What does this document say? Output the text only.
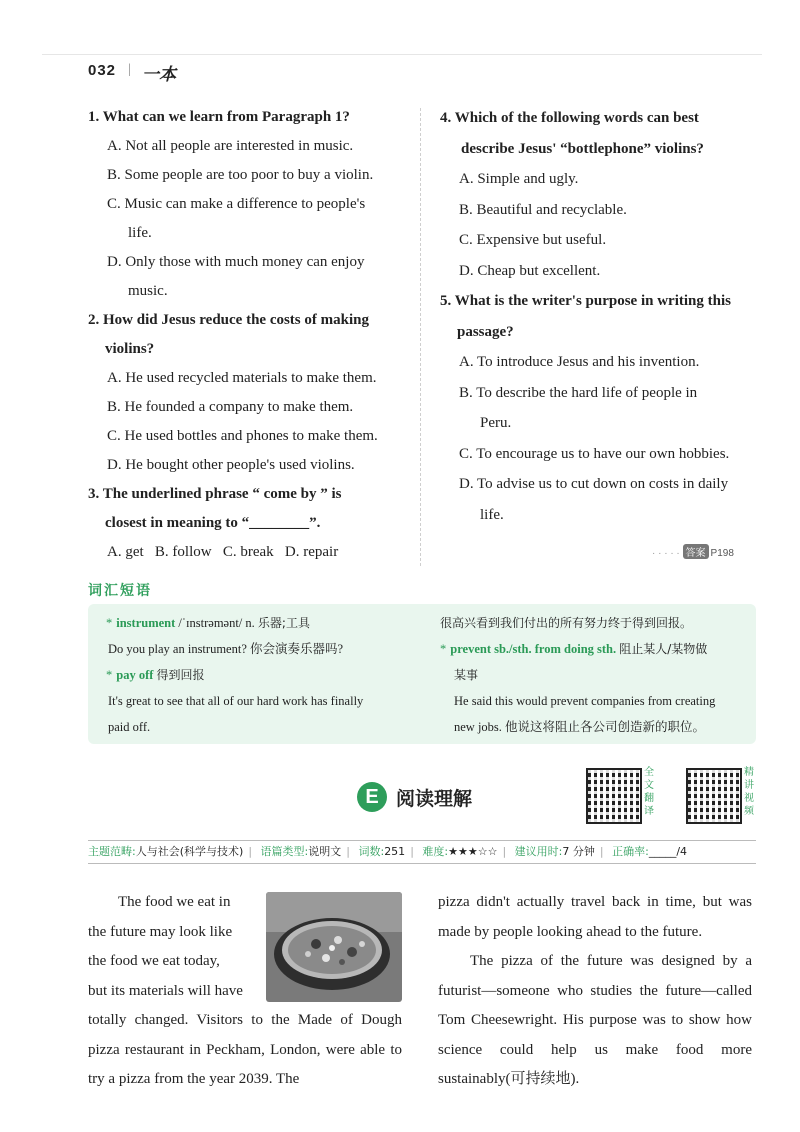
032 | 一本
1. What can we learn from Paragraph 1?
A. Not all people are interested in music.
B. Some people are too poor to buy a violin.
C. Music can make a difference to people's
life.
D. Only those with much money can enjoy
music.
2. How did Jesus reduce the costs of making
violins?
A. He used recycled materials to make them.
B. He founded a company to make them.
C. He used bottles and phones to make them.
D. He bought other people's used violins.
3. The underlined phrase “ come by ” is
closest in meaning to “________”.
A. get   B. follow   C. break   D. repair
4. Which of the following words can best
describe Jesus' “bottlephone” violins?
A. Simple and ugly.
B. Beautiful and recyclable.
C. Expensive but useful.
D. Cheap but excellent.
5. What is the writer's purpose in writing this
passage?
A. To introduce Jesus and his invention.
B. To describe the hard life of people in
Peru.
C. To encourage us to have our own hobbies.
D. To advise us to cut down on costs in daily
life.
· · · · · 答案 P198
词汇短语
* instrument /ˈɪnstrəmənt/ n. 乐器;工具
Do you play an instrument? 你会演奏乐器吗?
* pay off 得到回报
It's great to see that all of our hard work has finally
paid off.
很高兴看到我们付出的所有努力终于得到回报。
* prevent sb./sth. from doing sth. 阻止某人/某物做
某事
He said this would prevent companies from creating
new jobs. 他说这将阻止各公司创造新的职位。
E 阅读理解
全文翻译
精讲视频
主题范畴:人与社会(科学与技术) | 语篇类型:说明文 | 词数:251 | 难度:★★★☆☆ | 建议用时:7 分钟 | 正确率:_____/4
The food we eat in
the future may look like
the food we eat today,
but its materials will have
totally changed. Visitors to the Made of Dough pizza restaurant in Peckham, London, were able to try a pizza from the year 2039. The
pizza didn't actually travel back in time, but was made by people looking ahead to the future.
The pizza of the future was designed by a futurist—someone who studies the future—called Tom Cheesewright. His purpose was to show how science could help us make food more sustainably(可持续地).
